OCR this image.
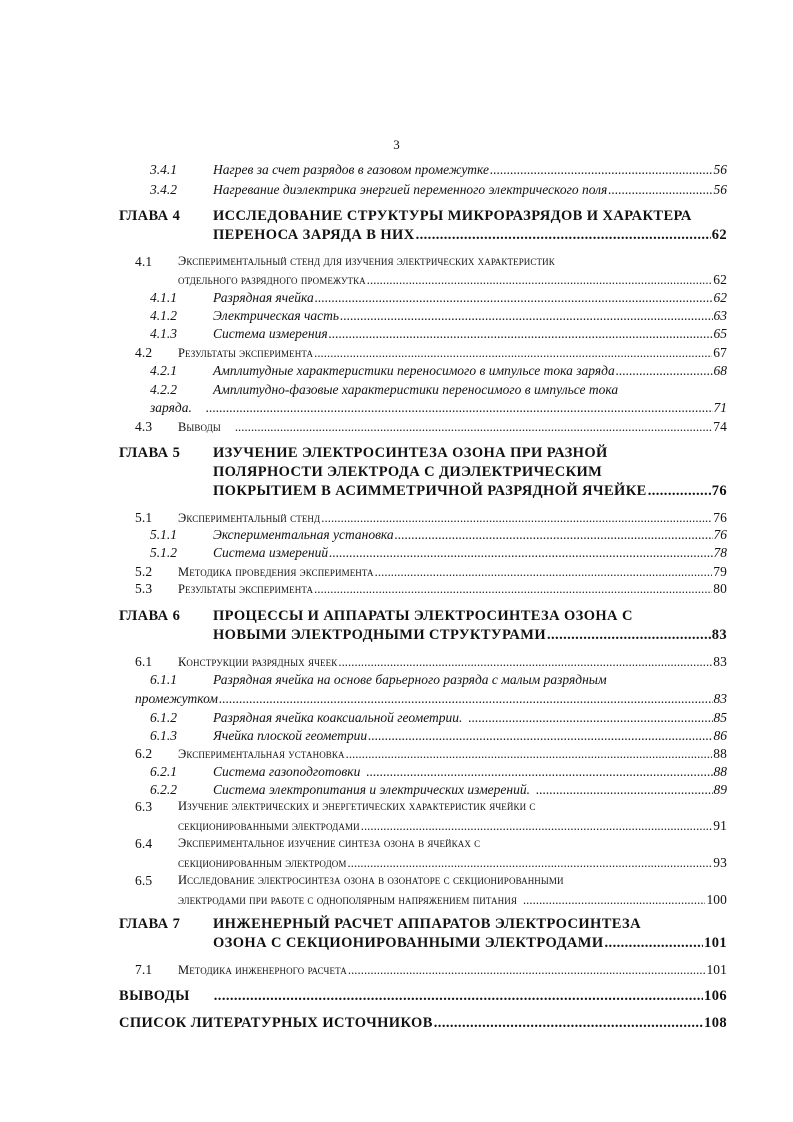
3
3.4.1	Нагрев за счет разрядов в газовом промежутке .....	56
3.4.2	Нагревание диэлектрика энергией переменного электрического поля .....	56
ГЛАВА 4 ИССЛЕДОВАНИЕ СТРУКТУРЫ МИКРОРАЗРЯДОВ И ХАРАКТЕРА
ПЕРЕНОСА ЗАРЯДА В НИХ .....	62
4.1 Экспериментальный стенд для изучения электрических характеристик
отдельного разрядного промежутка .....	62
4.1.1	Разрядная ячейка .....	62
4.1.2	Электрическая часть .....	63
4.1.3	Система измерения .....	65
4.2 Результаты эксперимента .....	67
4.2.1	Амплитудные характеристики переносимого в импульсе тока заряда .....	68
4.2.2	Амплитудно-фазовые характеристики переносимого в импульсе тока
заряда. .....	71
4.3 Выводы .....	74
ГЛАВА 5 ИЗУЧЕНИЕ ЭЛЕКТРОСИНТЕЗА ОЗОНА ПРИ РАЗНОЙ
ПОЛЯРНОСТИ ЭЛЕКТРОДА С ДИЭЛЕКТРИЧЕСКИМ
ПОКРЫТИЕМ В АСИММЕТРИЧНОЙ РАЗРЯДНОЙ ЯЧЕЙКЕ .....	76
5.1 Экспериментальный стенд .....	76
5.1.1	Экспериментальная установка .....	76
5.1.2	Система измерений .....	78
5.2 Методика проведения эксперимента .....	79
5.3 Результаты эксперимента .....	80
ГЛАВА 6 ПРОЦЕССЫ И АППАРАТЫ ЭЛЕКТРОСИНТЕЗА ОЗОНА С
НОВЫМИ ЭЛЕКТРОДНЫМИ СТРУКТУРАМИ .....	83
6.1 Конструкции разрядных ячеек .....	83
6.1.1	Разрядная ячейка на основе барьерного разряда с малым разрядным
промежутком .....	83
6.1.2	Разрядная ячейка коаксиальной геометрии. .....	85
6.1.3	Ячейка плоской геометрии .....	86
6.2 Экспериментальная установка .....	88
6.2.1	Система газоподготовки .....	88
6.2.2	Система электропитания и электрических измерений. .....	89
6.3 Изучение электрических и энергетических характеристик ячейки с
секционированными электродами .....	91
6.4 Экспериментальное изучение синтеза озона в ячейках с
секционированным электродом .....	93
6.5 Исследование электросинтеза озона в озонаторе с секционированными
электродами при работе с однополярным напряжением питания .....	100
ГЛАВА 7 ИНЖЕНЕРНЫЙ РАСЧЕТ АППАРАТОВ ЭЛЕКТРОСИНТЕЗА
ОЗОНА С СЕКЦИОНИРОВАННЫМИ ЭЛЕКТРОДАМИ .....	101
7.1 Методика инженерного расчета .....	101
ВЫВОДЫ .....	106
СПИСОК ЛИТЕРАТУРНЫХ ИСТОЧНИКОВ .....	108
